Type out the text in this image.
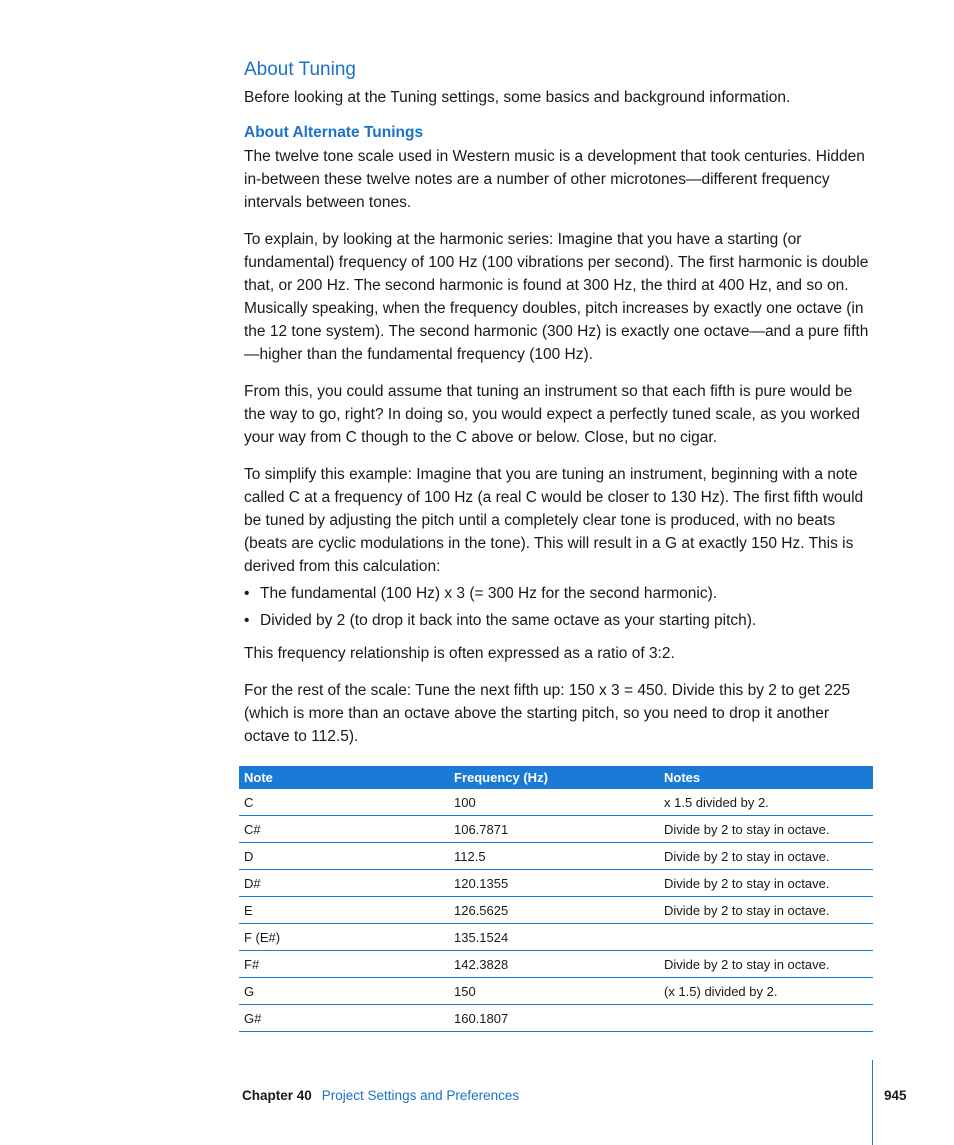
About Tuning
Before looking at the Tuning settings, some basics and background information.
About Alternate Tunings

The twelve tone scale used in Western music is a development that took centuries. Hidden in-between these twelve notes are a number of other microtones—different frequency intervals between tones.

To explain, by looking at the harmonic series: Imagine that you have a starting (or fundamental) frequency of 100 Hz (100 vibrations per second). The first harmonic is double that, or 200 Hz. The second harmonic is found at 300 Hz, the third at 400 Hz, and so on. Musically speaking, when the frequency doubles, pitch increases by exactly one octave (in the 12 tone system). The second harmonic (300 Hz) is exactly one octave—and a pure fifth—higher than the fundamental frequency (100 Hz).

From this, you could assume that tuning an instrument so that each fifth is pure would be the way to go, right? In doing so, you would expect a perfectly tuned scale, as you worked your way from C though to the C above or below. Close, but no cigar.

To simplify this example: Imagine that you are tuning an instrument, beginning with a note called C at a frequency of 100 Hz (a real C would be closer to 130 Hz). The first fifth would be tuned by adjusting the pitch until a completely clear tone is produced, with no beats (beats are cyclic modulations in the tone). This will result in a G at exactly 150 Hz. This is derived from this calculation:

• The fundamental (100 Hz) x 3 (= 300 Hz for the second harmonic).
• Divided by 2 (to drop it back into the same octave as your starting pitch).

This frequency relationship is often expressed as a ratio of 3:2.

For the rest of the scale: Tune the next fifth up: 150 x 3 = 450. Divide this by 2 to get 225 (which is more than an octave above the starting pitch, so you need to drop it another octave to 112.5).

Note	Frequency (Hz)	Notes
C	100	x 1.5 divided by 2.
C#	106.7871	Divide by 2 to stay in octave.
D	112.5	Divide by 2 to stay in octave.
D#	120.1355	Divide by 2 to stay in octave.
E	126.5625	Divide by 2 to stay in octave.
F (E#)	135.1524	
F#	142.3828	Divide by 2 to stay in octave.
G	150	(x 1.5) divided by 2.
G#	160.1807	
Chapter 40 Project Settings and Preferences	945
